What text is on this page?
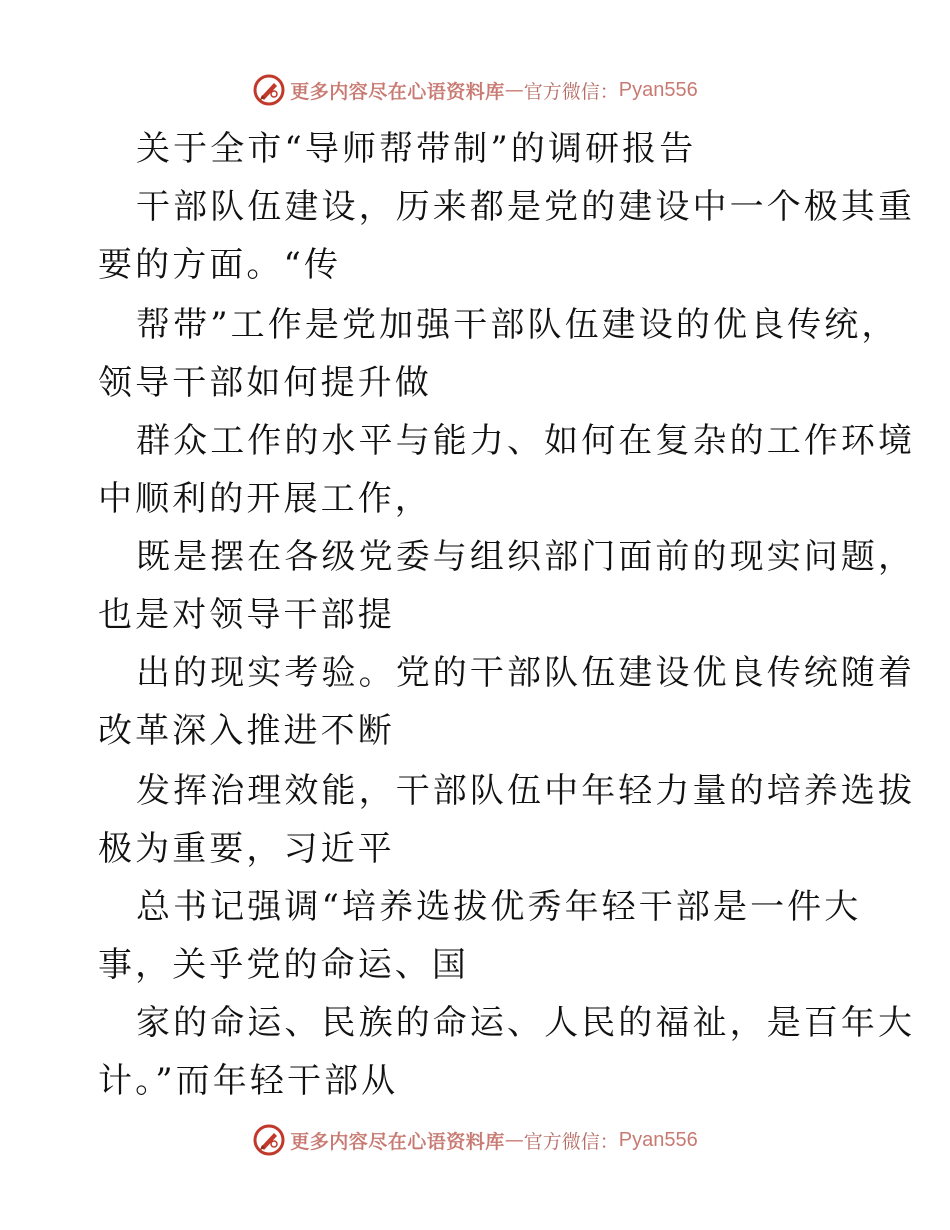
更多内容尽在心语资料库 — 官方微信： Pyan556
关于全市“导师帮带制”的调研报告
干部队伍建设，历来都是党的建设中一个极其重
要的方面。“传
帮带”工作是党加强干部队伍建设的优良传统，
领导干部如何提升做
群众工作的水平与能力、如何在复杂的工作环境
中顺利的开展工作，
既是摆在各级党委与组织部门面前的现实问题，
也是对领导干部提
出的现实考验。党的干部队伍建设优良传统随着
改革深入推进不断
发挥治理效能，干部队伍中年轻力量的培养选拔
极为重要，习近平
总书记强调“培养选拔优秀年轻干部是一件大
事，关乎党的命运、国
家的命运、民族的命运、人民的福祉，是百年大
计。”而年轻干部从
更多内容尽在心语资料库 — 官方微信： Pyan556
